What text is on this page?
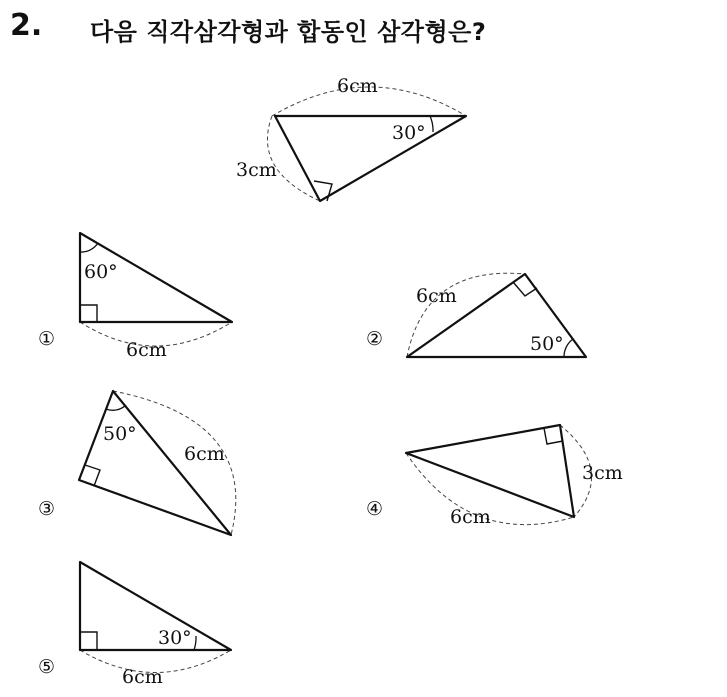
2. 다음 직각삼각형과 합동인 삼각형은?
6cm
3cm
30°
①
60°
6cm	②	50°
6cm
③
50°
6cm
④
3cm
6cm
⑤
30°
6cm
